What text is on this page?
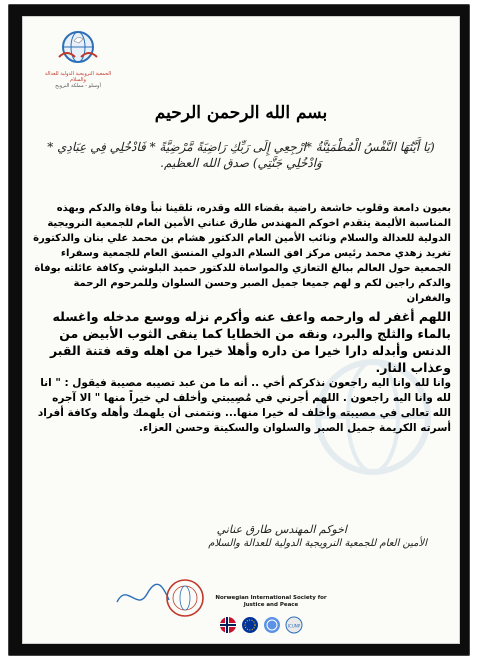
الجمعية النرويجية الدولية للعدالة والسلام
أوسلو - مملكة النرويج
بسم الله الرحمن الرحيم
(يَا أَيَّتُهَا النَّفْسُ الْمُطْمَئِنَّةُ *ارْجِعِي إِلَى رَبِّكِ رَاضِيَةً مَّرْضِيَّةً * فَادْخُلِي فِي عِبَادِي * وَادْخُلِي جَنَّتِي) صدق الله العظيم.

بعيون دامعة وقلوب خاشعة راضية بقضاء الله وقدره، تلقينا نبأ وفاة والدكم وبهذه المناسبة الأليمة يتقدم اخوكم المهندس طارق عناني الأمين العام للجمعية النرويجية الدولية للعدالة والسلام ونائب الأمين العام الدكتور هشام بن محمد علي بنان والدكتورة تغريد زهدي محمد رئيس مركز افق السلام الدولي المنسق العام للجمعية وسفراء الجمعية حول العالم ببالغ التعازي والمواساة للدكتور حميد البلوشي وكافة عائلته بوفاة والدكم راجين لكم و لهم جميعا جميل الصبر وحسن السلوان وللمرحوم الرحمة والغفران

اللهم أغفر له وارحمه واعف عنه وأكرم نزله ووسع مدخله واغسله بالماء والثلج والبرد، ونقه من الخطايا كما ينقى الثوب الأبيض من الدنس وأبدله دارا خيرا من داره وأهلا خيرا من اهله وقه فتنة القبر وعذاب النار.

وانا لله وانا اليه راجعون نذكركم أخي .. أنه ما من عبد تصيبه مصيبة فيقول : " انا لله وانا اليه راجعون . اللهم أجرني في مُصِيبتي وأخلف لي خيراً منها " الا آجره الله تعالى في مصيبته وأخلف له خيرا منها... ونتمنى أن يلهمك وأهله وكافة أفراد أسرته الكريمة جميل الصبر والسلوان والسكينة وحسن العزاء.

اخوكم المهندس طارق عناني
الأمين العام للجمعية النرويجية الدولية للعدالة والسلام
Norwegian International Society for Justice and Peace
ICUNP
